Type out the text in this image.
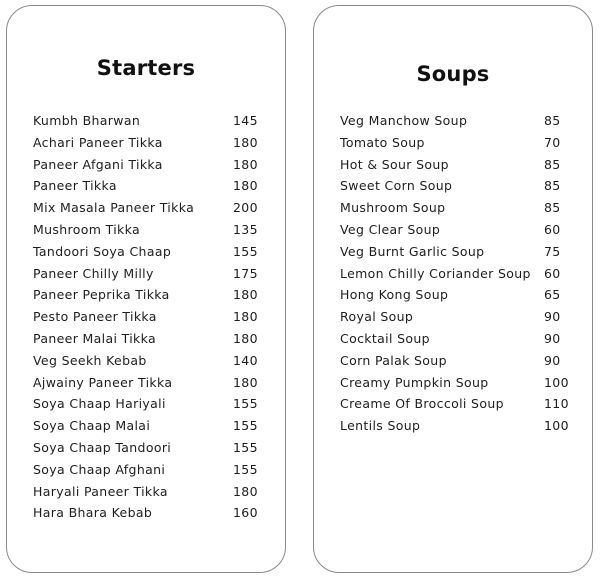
Starters
Kumbh Bharwan	145
Achari Paneer Tikka	180
Paneer Afgani Tikka	180
Paneer Tikka	180
Mix Masala Paneer Tikka	200
Mushroom Tikka	135
Tandoori Soya Chaap	155
Paneer Chilly Milly	175
Paneer Peprika Tikka	180
Pesto Paneer Tikka	180
Paneer Malai Tikka	180
Veg Seekh Kebab	140
Ajwainy Paneer Tikka	180
Soya Chaap Hariyali	155
Soya Chaap Malai	155
Soya Chaap Tandoori	155
Soya Chaap Afghani	155
Haryali Paneer Tikka	180
Hara Bhara Kebab	160
Soups
Veg Manchow Soup	85
Tomato Soup	70
Hot & Sour Soup	85
Sweet Corn Soup	85
Mushroom Soup	85
Veg Clear Soup	60
Veg Burnt Garlic Soup	75
Lemon Chilly Coriander Soup 60
Hong Kong Soup	65
Royal Soup	90
Cocktail Soup	90
Corn Palak Soup	90
Creamy Pumpkin Soup	100
Creame Of Broccoli Soup	110
Lentils Soup	100
